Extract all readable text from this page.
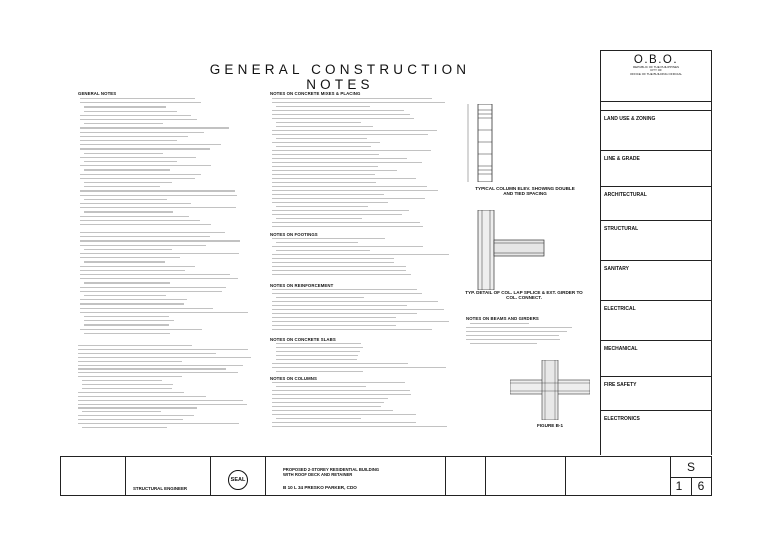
GENERAL CONSTRUCTION NOTES
GENERAL NOTES	NOTES ON CONCRETE MIXES & PLACING
NOTES ON FOOTINGS
NOTES ON REINFORCEMENT
NOTES ON CONCRETE SLABS
NOTES ON COLUMNS
NOTES ON BEAMS AND GIRDERS
TYPICAL COLUMN ELEV. SHOWING DOUBLE AND TIED SPACING
TYP. DETAIL OF COL. LAP SPLICE & EXT. GIRDER TO COL. CONNECT.
FIGURE B-1
O.B.O.
REPUBLIC OF THE PHILIPPINES
CITY OF
OFFICE OF THE BUILDING OFFICIAL
LAND USE & ZONING
LINE & GRADE
ARCHITECTURAL
STRUCTURAL
SANITARY
ELECTRICAL
MECHANICAL
FIRE SAFETY
ELECTRONICS
STRUCTURAL ENGINEER
SEAL
PROPOSED 2-STOREY RESIDENTIAL BUILDING
WITH ROOF DECK AND RETAINER
B 10 L 34 PRESKO PARKER, CDO
S
1	6
